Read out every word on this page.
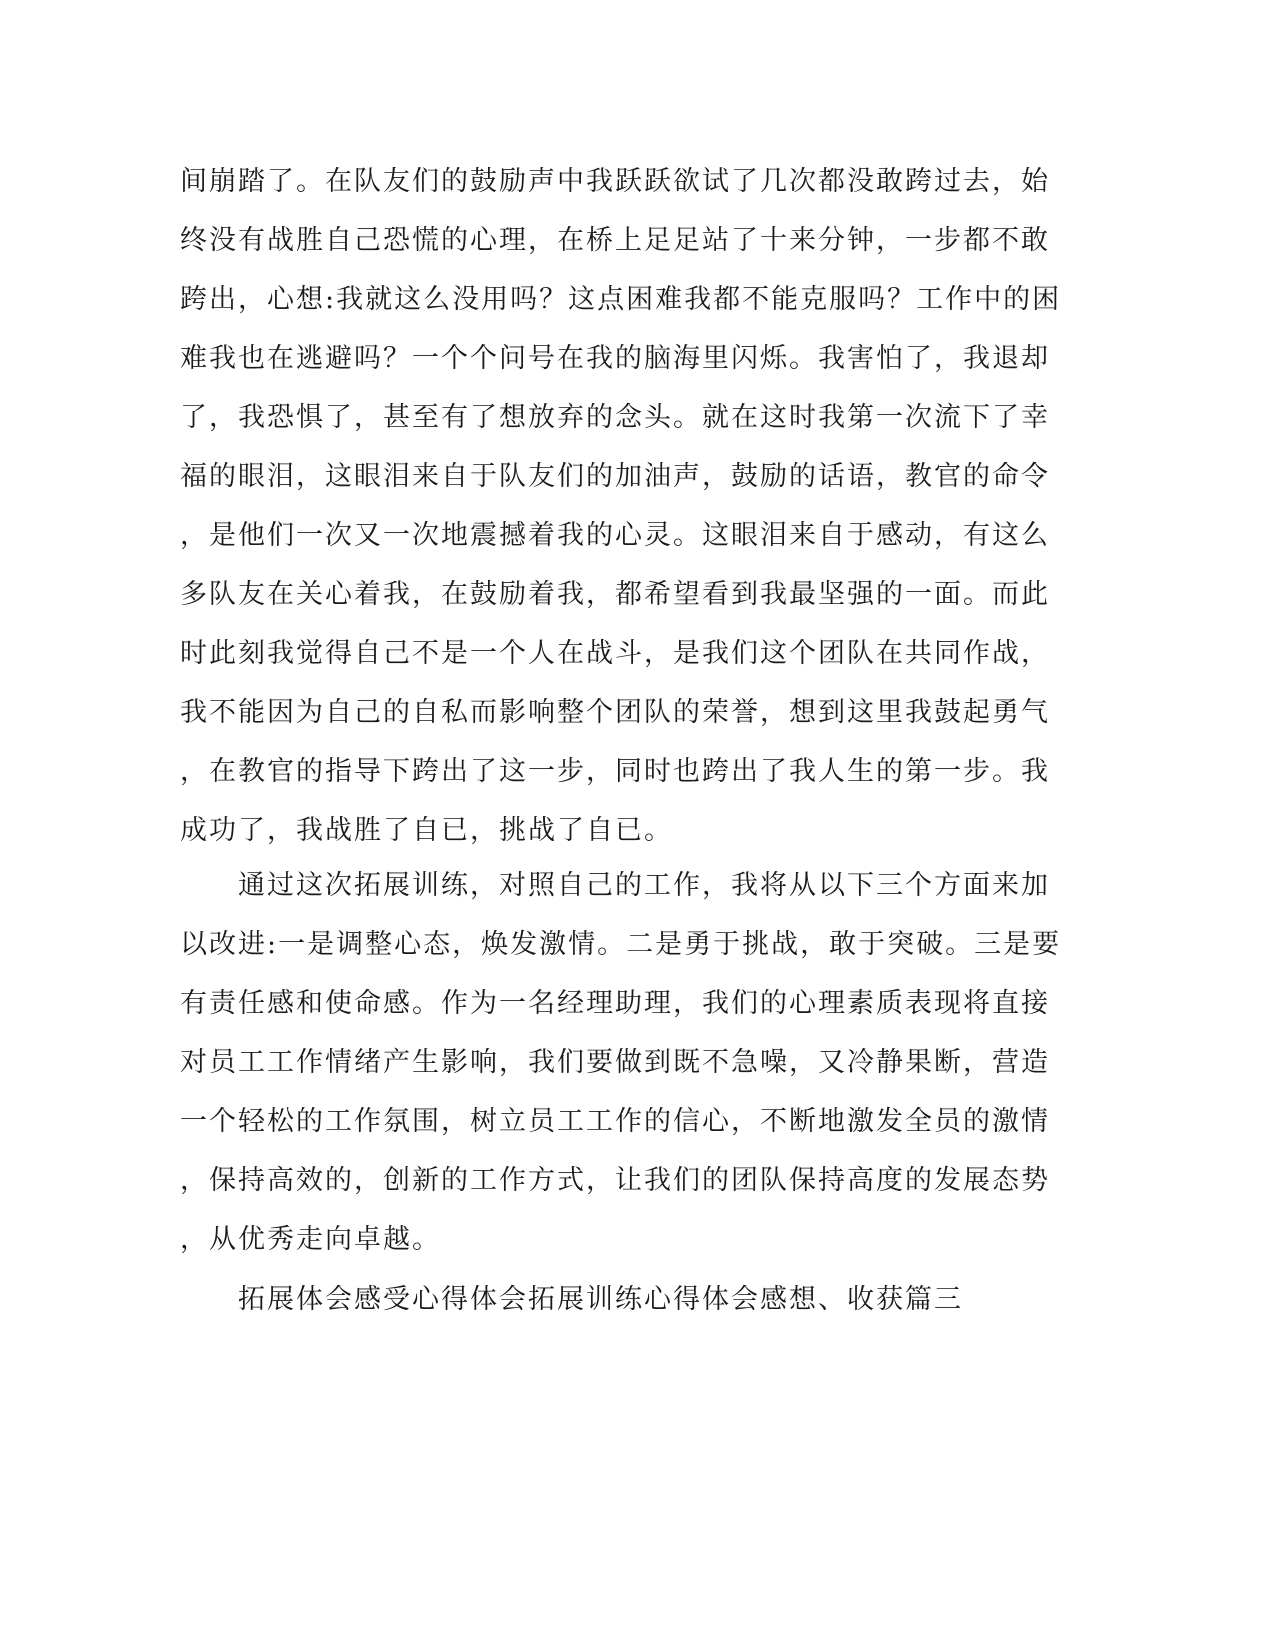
间崩踏了。在队友们的鼓励声中我跃跃欲试了几次都没敢跨过去，始
终没有战胜自己恐慌的心理，在桥上足足站了十来分钟，一步都不敢
跨出，心想:我就这么没用吗？这点困难我都不能克服吗？工作中的困
难我也在逃避吗？一个个问号在我的脑海里闪烁。我害怕了，我退却
了，我恐惧了，甚至有了想放弃的念头。就在这时我第一次流下了幸
福的眼泪，这眼泪来自于队友们的加油声，鼓励的话语，教官的命令
，是他们一次又一次地震撼着我的心灵。这眼泪来自于感动，有这么
多队友在关心着我，在鼓励着我，都希望看到我最坚强的一面。而此
时此刻我觉得自己不是一个人在战斗，是我们这个团队在共同作战，
我不能因为自己的自私而影响整个团队的荣誉，想到这里我鼓起勇气
，在教官的指导下跨出了这一步，同时也跨出了我人生的第一步。我
成功了，我战胜了自已，挑战了自已。
　　通过这次拓展训练，对照自己的工作，我将从以下三个方面来加
以改进:一是调整心态，焕发激情。二是勇于挑战，敢于突破。三是要
有责任感和使命感。作为一名经理助理，我们的心理素质表现将直接
对员工工作情绪产生影响，我们要做到既不急噪，又冷静果断，营造
一个轻松的工作氛围，树立员工工作的信心，不断地激发全员的激情
，保持高效的，创新的工作方式，让我们的团队保持高度的发展态势
，从优秀走向卓越。
　　拓展体会感受心得体会拓展训练心得体会感想、收获篇三
